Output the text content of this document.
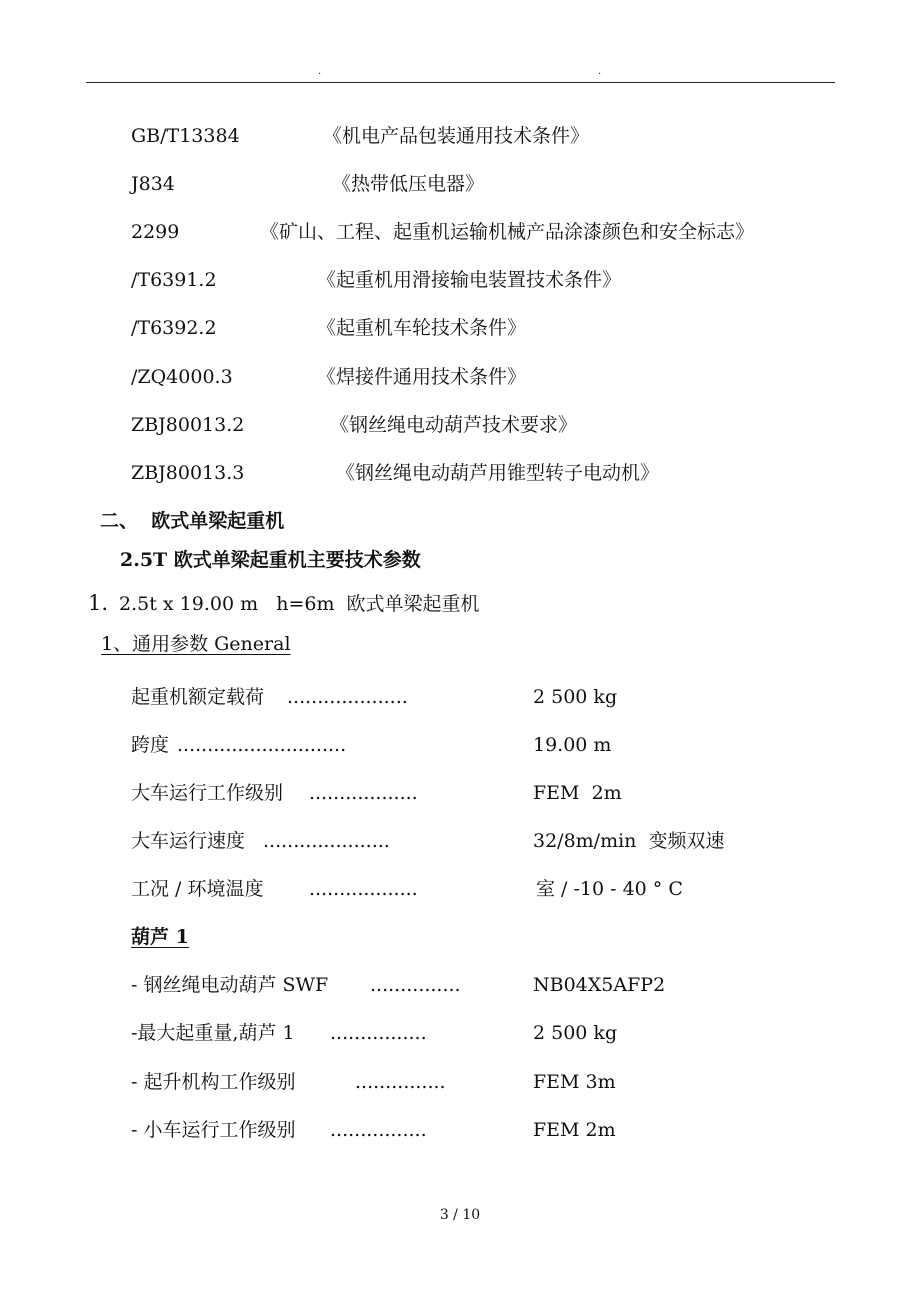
.	.
GB/T13384	《机电产品包装通用技术条件》
J834	《热带低压电器》
2299	《矿山、工程、起重机运输机械产品涂漆颜色和安全标志》
/T6391.2	《起重机用滑接输电装置技术条件》
/T6392.2	《起重机车轮技术条件》
/ZQ4000.3	《焊接件通用技术条件》
ZBJ80013.2	《钢丝绳电动葫芦技术要求》
ZBJ80013.3	《钢丝绳电动葫芦用锥型转子电动机》
二、  欧式单梁起重机
2.5T 欧式单梁起重机主要技术参数
1. 2.5t x 19.00 m   h=6m  欧式单梁起重机
1、通用参数 General
起重机额定载荷 ....................	2 500 kg
跨度 ............................	19.00 m
大车运行工作级别 ..................	FEM  2m
大车运行速度 .....................	32/8m/min  变频双速
工况 / 环境温度 ..................	室 / -10 - 40 ° C
葫芦 1
- 钢丝绳电动葫芦 SWF ...............	NB04X5AFP2
-最大起重量,葫芦 1 ................	2 500 kg
- 起升机构工作级别 ...............	FEM 3m
- 小车运行工作级别 ................	FEM 2m
3 / 10
